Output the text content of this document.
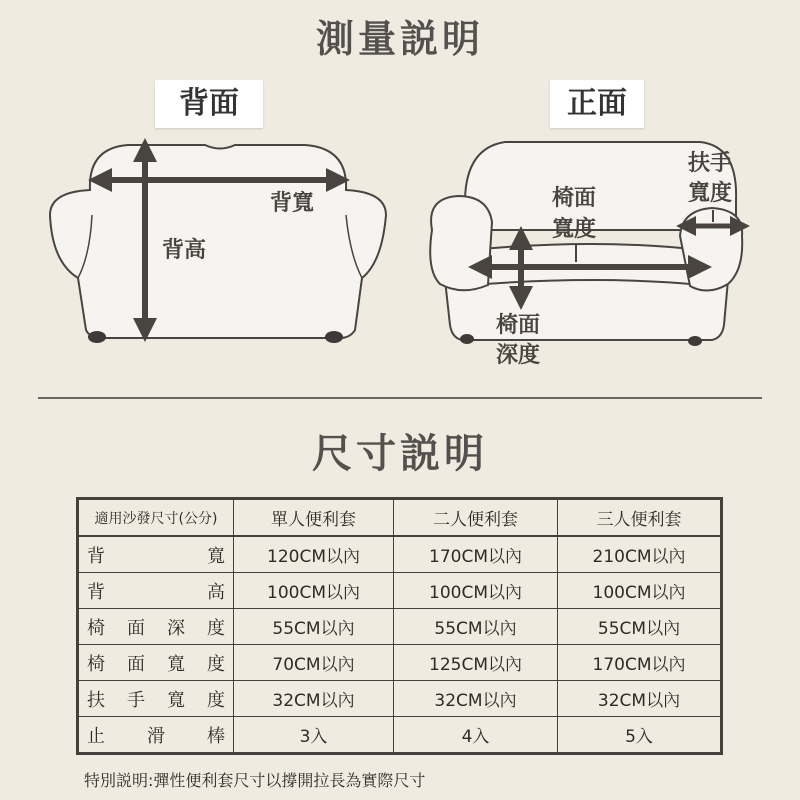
測量説明
背面	正面
背寬
背高
椅面
寬度
扶手
寬度
椅面
深度
尺寸説明
適用沙發尺寸(公分)	單人便利套	二人便利套	三人便利套
背寬	120CM以內	170CM以內	210CM以內
背高	100CM以內	100CM以內	100CM以內
椅面深度	55CM以內	55CM以內	55CM以內
椅面寬度	70CM以內	125CM以內	170CM以內
扶手寬度	32CM以內	32CM以內	32CM以內
止滑棒	3入	4入	5入
特別説明:彈性便利套尺寸以撐開拉長為實際尺寸
